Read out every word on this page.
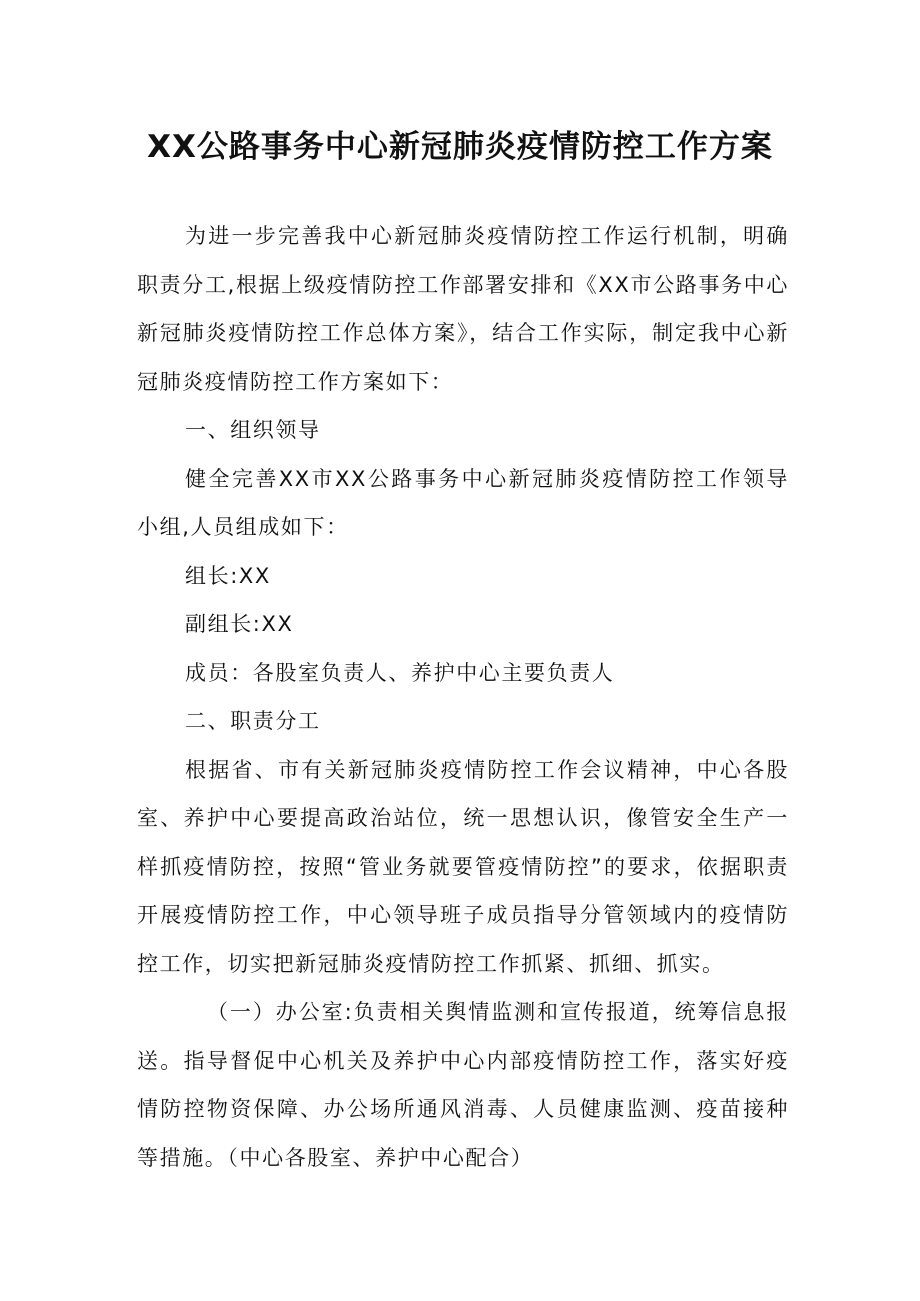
XX公路事务中心新冠肺炎疫情防控工作方案

为进一步完善我中心新冠肺炎疫情防控工作运行机制，明确职责分工,根据上级疫情防控工作部署安排和《XX市公路事务中心新冠肺炎疫情防控工作总体方案》，结合工作实际，制定我中心新冠肺炎疫情防控工作方案如下：

一、组织领导

健全完善XX市XX公路事务中心新冠肺炎疫情防控工作领导小组,人员组成如下：

组长:XX

副组长:XX

成员：各股室负责人、养护中心主要负责人

二、职责分工

根据省、市有关新冠肺炎疫情防控工作会议精神，中心各股室、养护中心要提高政治站位，统一思想认识，像管安全生产一样抓疫情防控，按照“管业务就要管疫情防控”的要求，依据职责开展疫情防控工作，中心领导班子成员指导分管领域内的疫情防控工作，切实把新冠肺炎疫情防控工作抓紧、抓细、抓实。

（一）办公室:负责相关舆情监测和宣传报道，统筹信息报送。指导督促中心机关及养护中心内部疫情防控工作，落实好疫情防控物资保障、办公场所通风消毒、人员健康监测、疫苗接种等措施。（中心各股室、养护中心配合）
